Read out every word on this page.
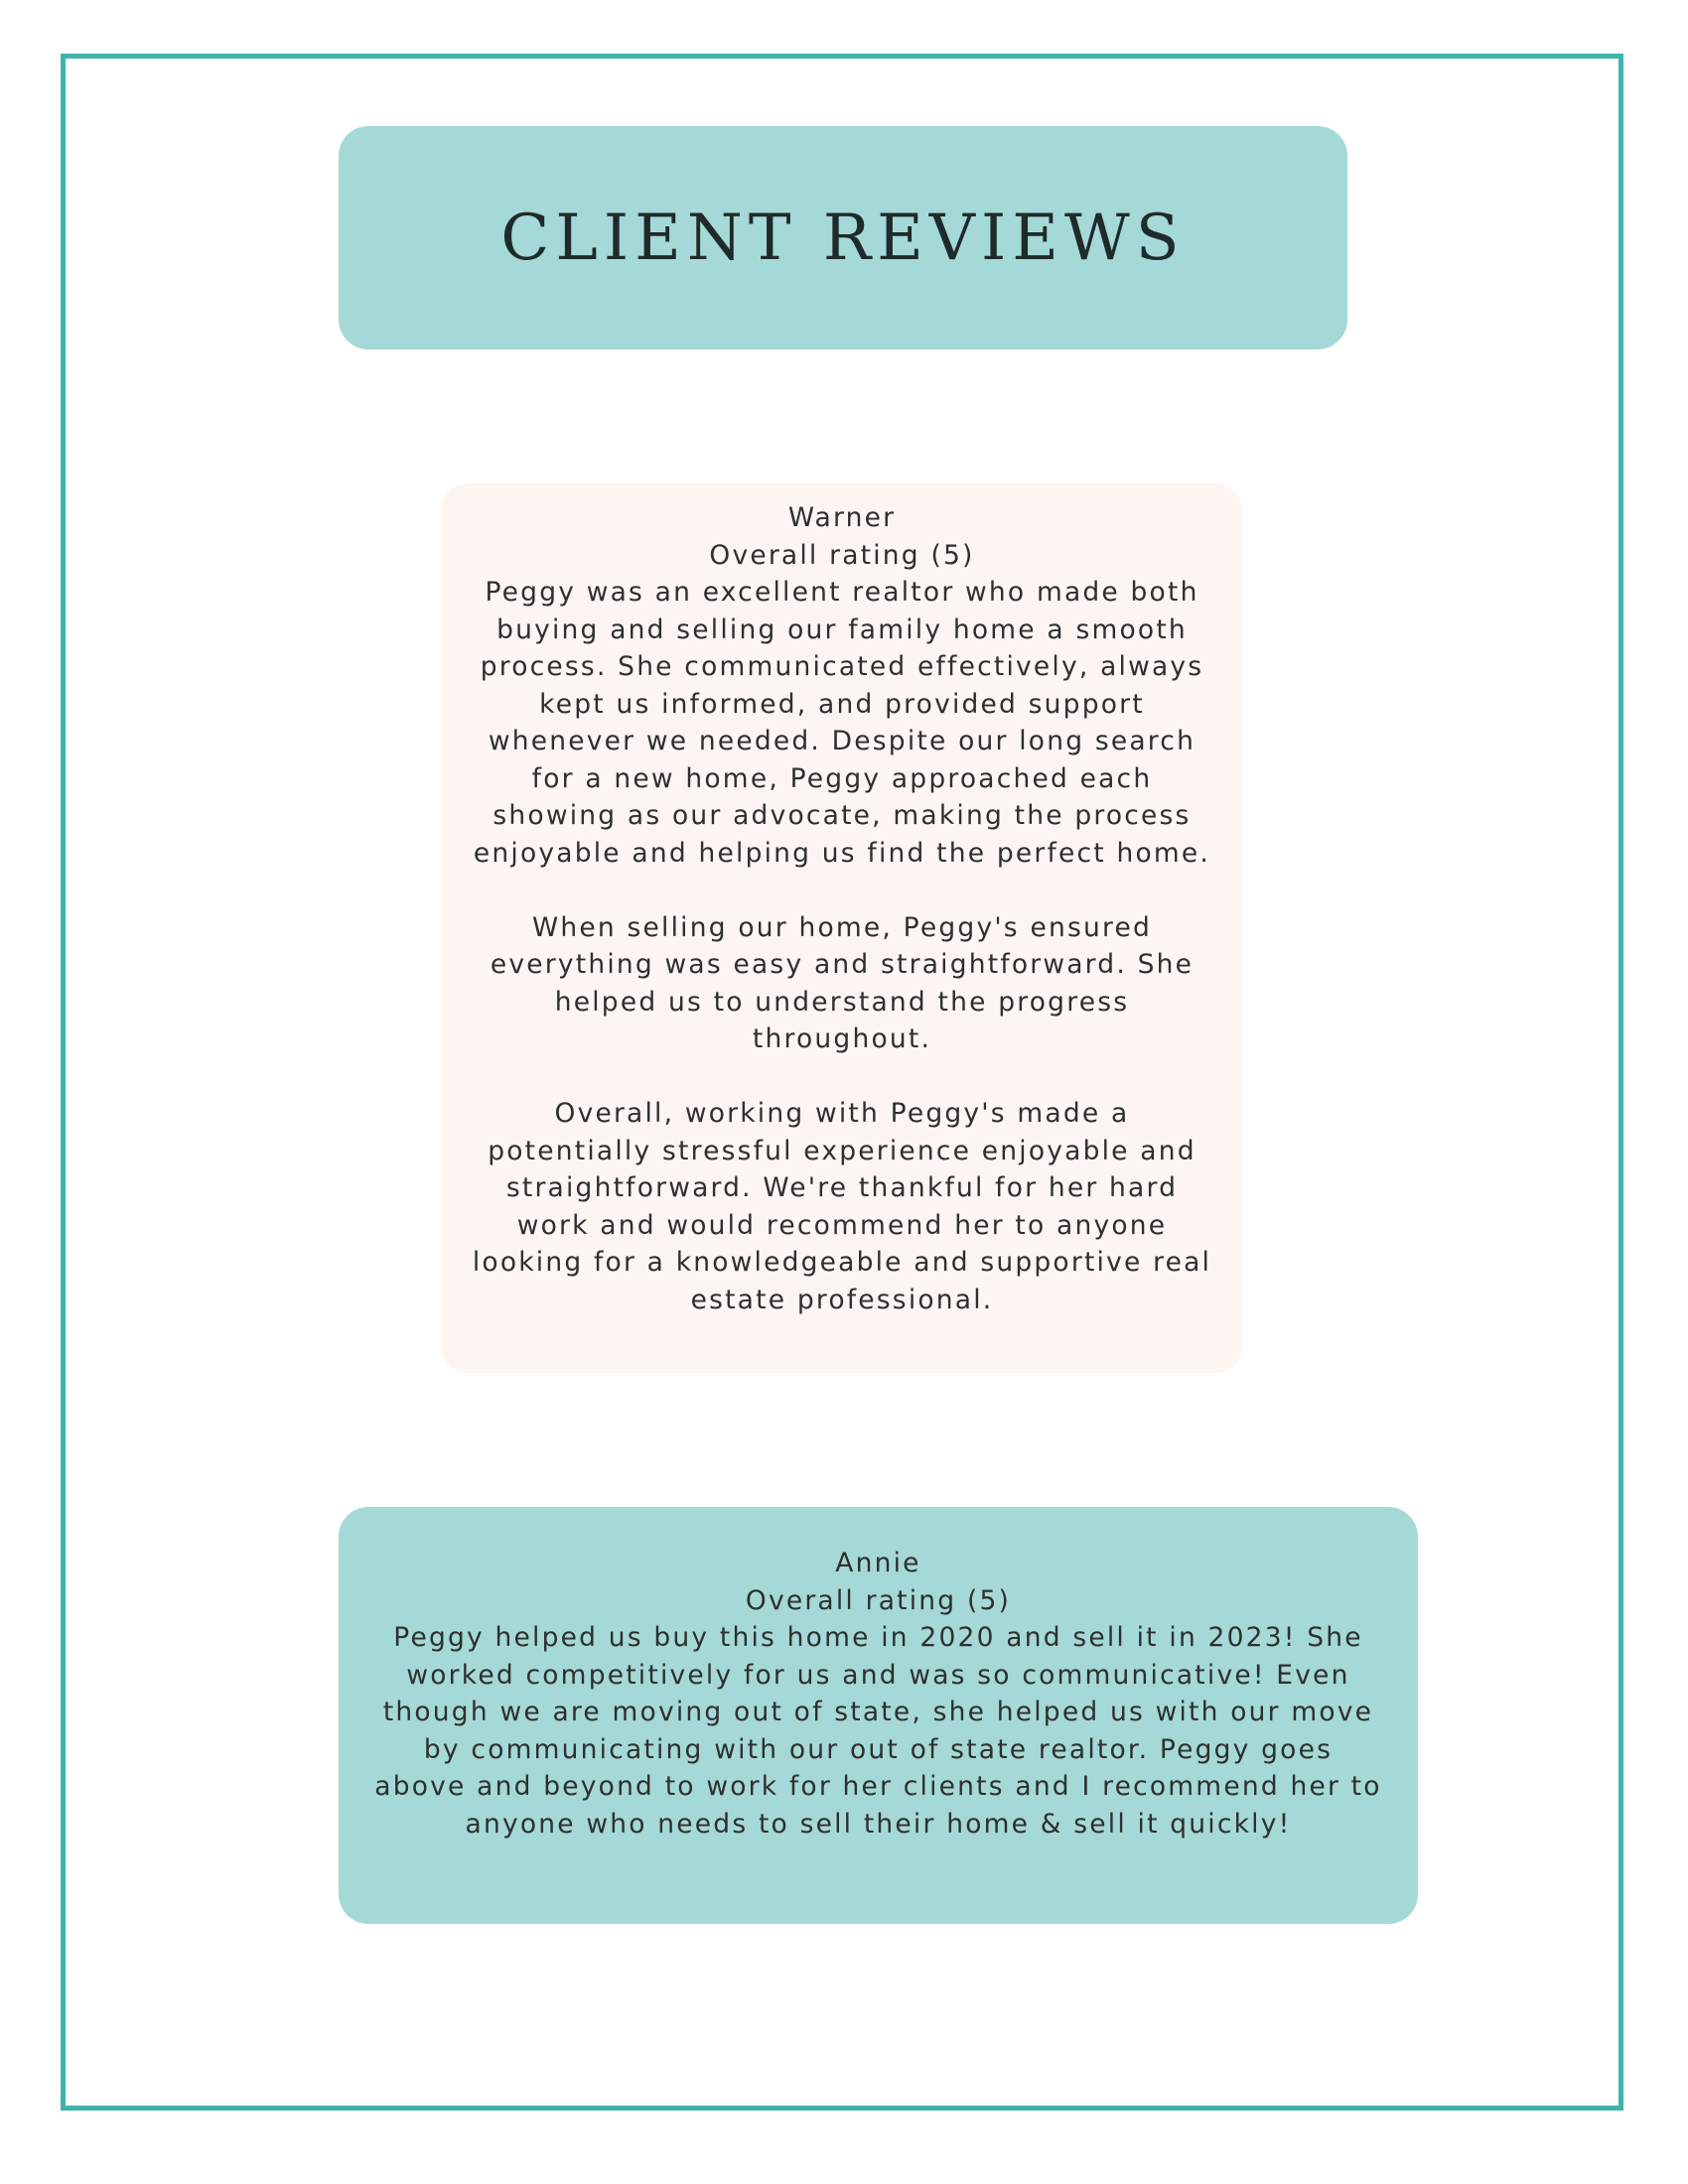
CLIENT REVIEWS

Warner

Overall rating (5)

Peggy was an excellent realtor who made both buying and selling our family home a smooth process. She communicated effectively, always kept us informed, and provided support whenever we needed. Despite our long search for a new home, Peggy approached each showing as our advocate, making the process enjoyable and helping us find the perfect home.

When selling our home, Peggy's ensured everything was easy and straightforward. She helped us to understand the progress throughout.

Overall, working with Peggy's made a potentially stressful experience enjoyable and straightforward. We're thankful for her hard work and would recommend her to anyone looking for a knowledgeable and supportive real estate professional.

Annie

Overall rating (5)

Peggy helped us buy this home in 2020 and sell it in 2023! She worked competitively for us and was so communicative! Even though we are moving out of state, she helped us with our move by communicating with our out of state realtor. Peggy goes above and beyond to work for her clients and I recommend her to anyone who needs to sell their home & sell it quickly!
